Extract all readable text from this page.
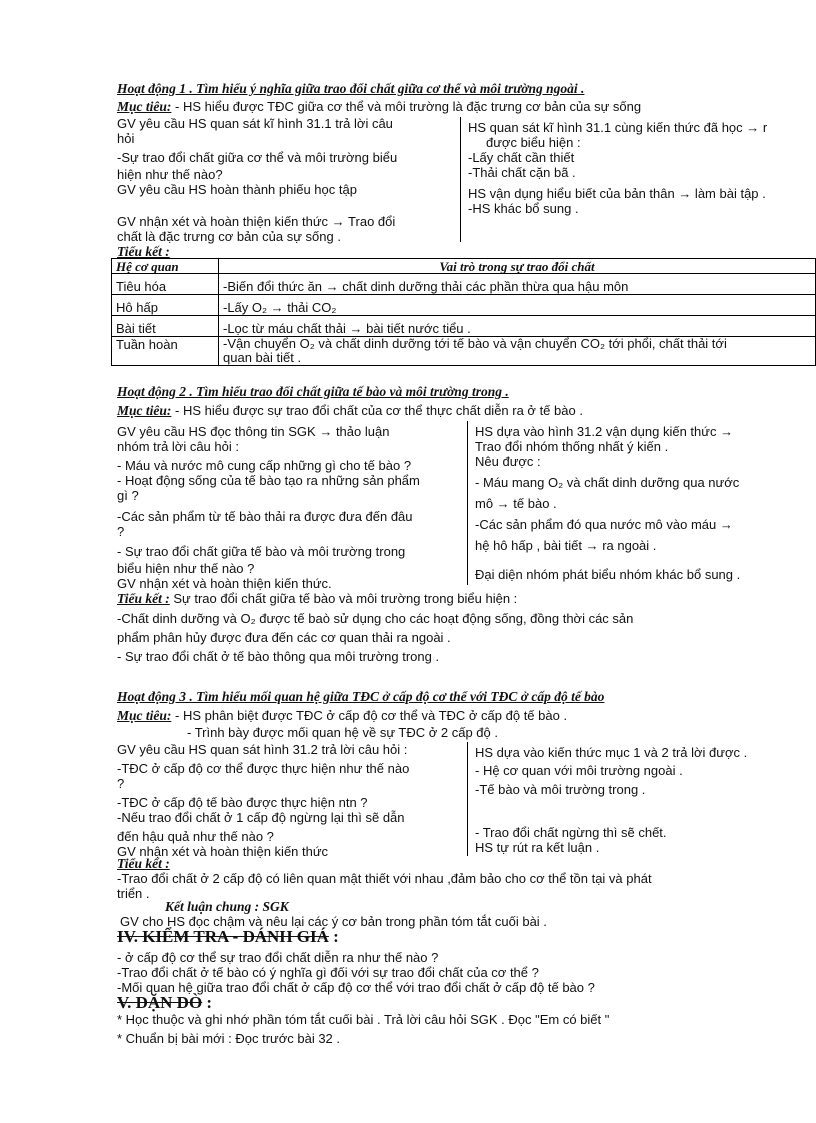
Hoạt động 1 . Tìm hiểu ý nghĩa giữa trao đổi chất giữa cơ thể và môi trường ngoài .
Mục tiêu: - HS hiểu được TĐC giữa cơ thể và môi trường là đặc trưng cơ bản của sự sống
GV yêu cầu HS quan sát kĩ hình 31.1 trả lời câu
hỏi
-Sự trao đổi chất giữa cơ thể và môi trường biểu
hiện như thế nào?
GV yêu cầu HS hoàn thành phiếu học tập
GV nhận xét và hoàn thiện kiến thức → Trao đổi
chất là đặc trưng cơ bản của sự sống .
HS quan sát kĩ hình 31.1 cùng kiến thức đã học → r
được biểu hiện :
-Lấy chất cần thiết
-Thải chất cặn bã .
HS vận dụng hiểu biết của bản thân → làm bài tập .
-HS khác bổ sung .
Tiểu kết :
Hệ cơ quan	Vai trò trong sự trao đổi chất
Tiêu hóa	-Biến đổi thức ăn → chất dinh dưỡng thải các phần thừa qua hậu môn
Hô hấp	-Lấy O₂ → thải CO₂
Bài tiết	-Lọc từ máu chất thải → bài tiết nước tiểu .
Tuần hoàn	-Vận chuyển O₂ và chất dinh dưỡng tới tế bào và vận chuyển CO₂ tới phổi, chất thải tới
quan bài tiết .
Hoạt động 2 . Tìm hiểu trao đổi chất giữa tế bào và môi trường trong .
Mục tiêu: - HS hiểu được sự trao đổi chất của cơ thể thực chất diễn ra ở tế bào .
GV yêu cầu HS đọc thông tin SGK → thảo luận
nhóm trả lời câu hỏi :
- Máu và nước mô cung cấp những gì cho tế bào ?
- Hoạt động sống của tế bào tạo ra những sản phẩm
gì ?
-Các sản phẩm từ tế bào thải ra được đưa đến đâu
?
- Sự trao đổi chất giữa tế bào và môi trường trong
biểu hiện như thế nào ?
GV nhận xét và hoàn thiện kiến thức.
HS dựa vào hình 31.2 vận dụng kiến thức →
Trao đổi nhóm thống nhất ý kiến .
Nêu được :
- Máu mang O₂ và chất dinh dưỡng qua nước
mô → tế bào .
-Các sản phẩm đó qua nước mô vào máu →
hệ hô hấp , bài tiết → ra ngoài .
Đại diện nhóm phát biểu nhóm khác bổ sung .
Tiểu kết : Sự trao đổi chất giữa tế bào và môi trường trong biểu hiện :
-Chất dinh dưỡng và O₂ được tế baò sử dụng cho các hoạt động sống, đồng thời các sản
phẩm phân hủy được đưa đến các cơ quan thải ra ngoài .
- Sự trao đổi chất ở tế bào thông qua môi trường trong .
Hoạt động 3 . Tìm hiểu mối quan hệ giữa TĐC ở cấp độ cơ thể với TĐC ở cấp độ tế bào
Mục tiêu: - HS phân biệt được TĐC ở cấp độ cơ thể và TĐC ở cấp độ tế bào .
- Trình bày được mối quan hệ về sự TĐC ở 2 cấp độ .
GV yêu cầu HS quan sát hình 31.2 trả lời câu hỏi :
-TĐC ở cấp độ cơ thể được thực hiện như thế nào
?
-TĐC ở cấp độ tế bào được thực hiện ntn ?
-Nếu trao đổi chất ở 1 cấp độ ngừng lại thì sẽ dẫn
đến hậu quả như thế nào ?
GV nhận xét và hoàn thiện kiến thức
HS dựa vào kiến thức mục 1 và 2 trả lời được .
- Hệ cơ quan với môi trường ngoài .
-Tế bào và môi trường trong .
- Trao đổi chất ngừng thì sẽ chết.
HS tự rút ra kết luận .
Tiểu kết :
-Trao đổi chất ở 2 cấp độ có liên quan mật thiết với nhau ,đảm bảo cho cơ thể tồn tại và phát
triển .
Kết luận chung : SGK
GV cho HS đọc chậm và nêu lại các ý cơ bản trong phần tóm tắt cuối bài .
IV. KIỂM TRA - ĐÁNH GIÁ :
- ở cấp độ cơ thể sự trao đổi chất diễn ra như thế nào ?
-Trao đổi chất ở tế bào có ý nghĩa gì đối với sự trao đổi chất của cơ thể ?
-Mối quan hệ giữa trao đổi chất ở cấp độ cơ thể với trao đổi chất ở cấp độ tế bào ?
V. DẶN DÒ :
* Học thuộc và ghi nhớ phần tóm tắt cuối bài . Trả lời câu hỏi SGK . Đọc "Em có biết "
* Chuẩn bị bài mới : Đọc trước bài 32 .
